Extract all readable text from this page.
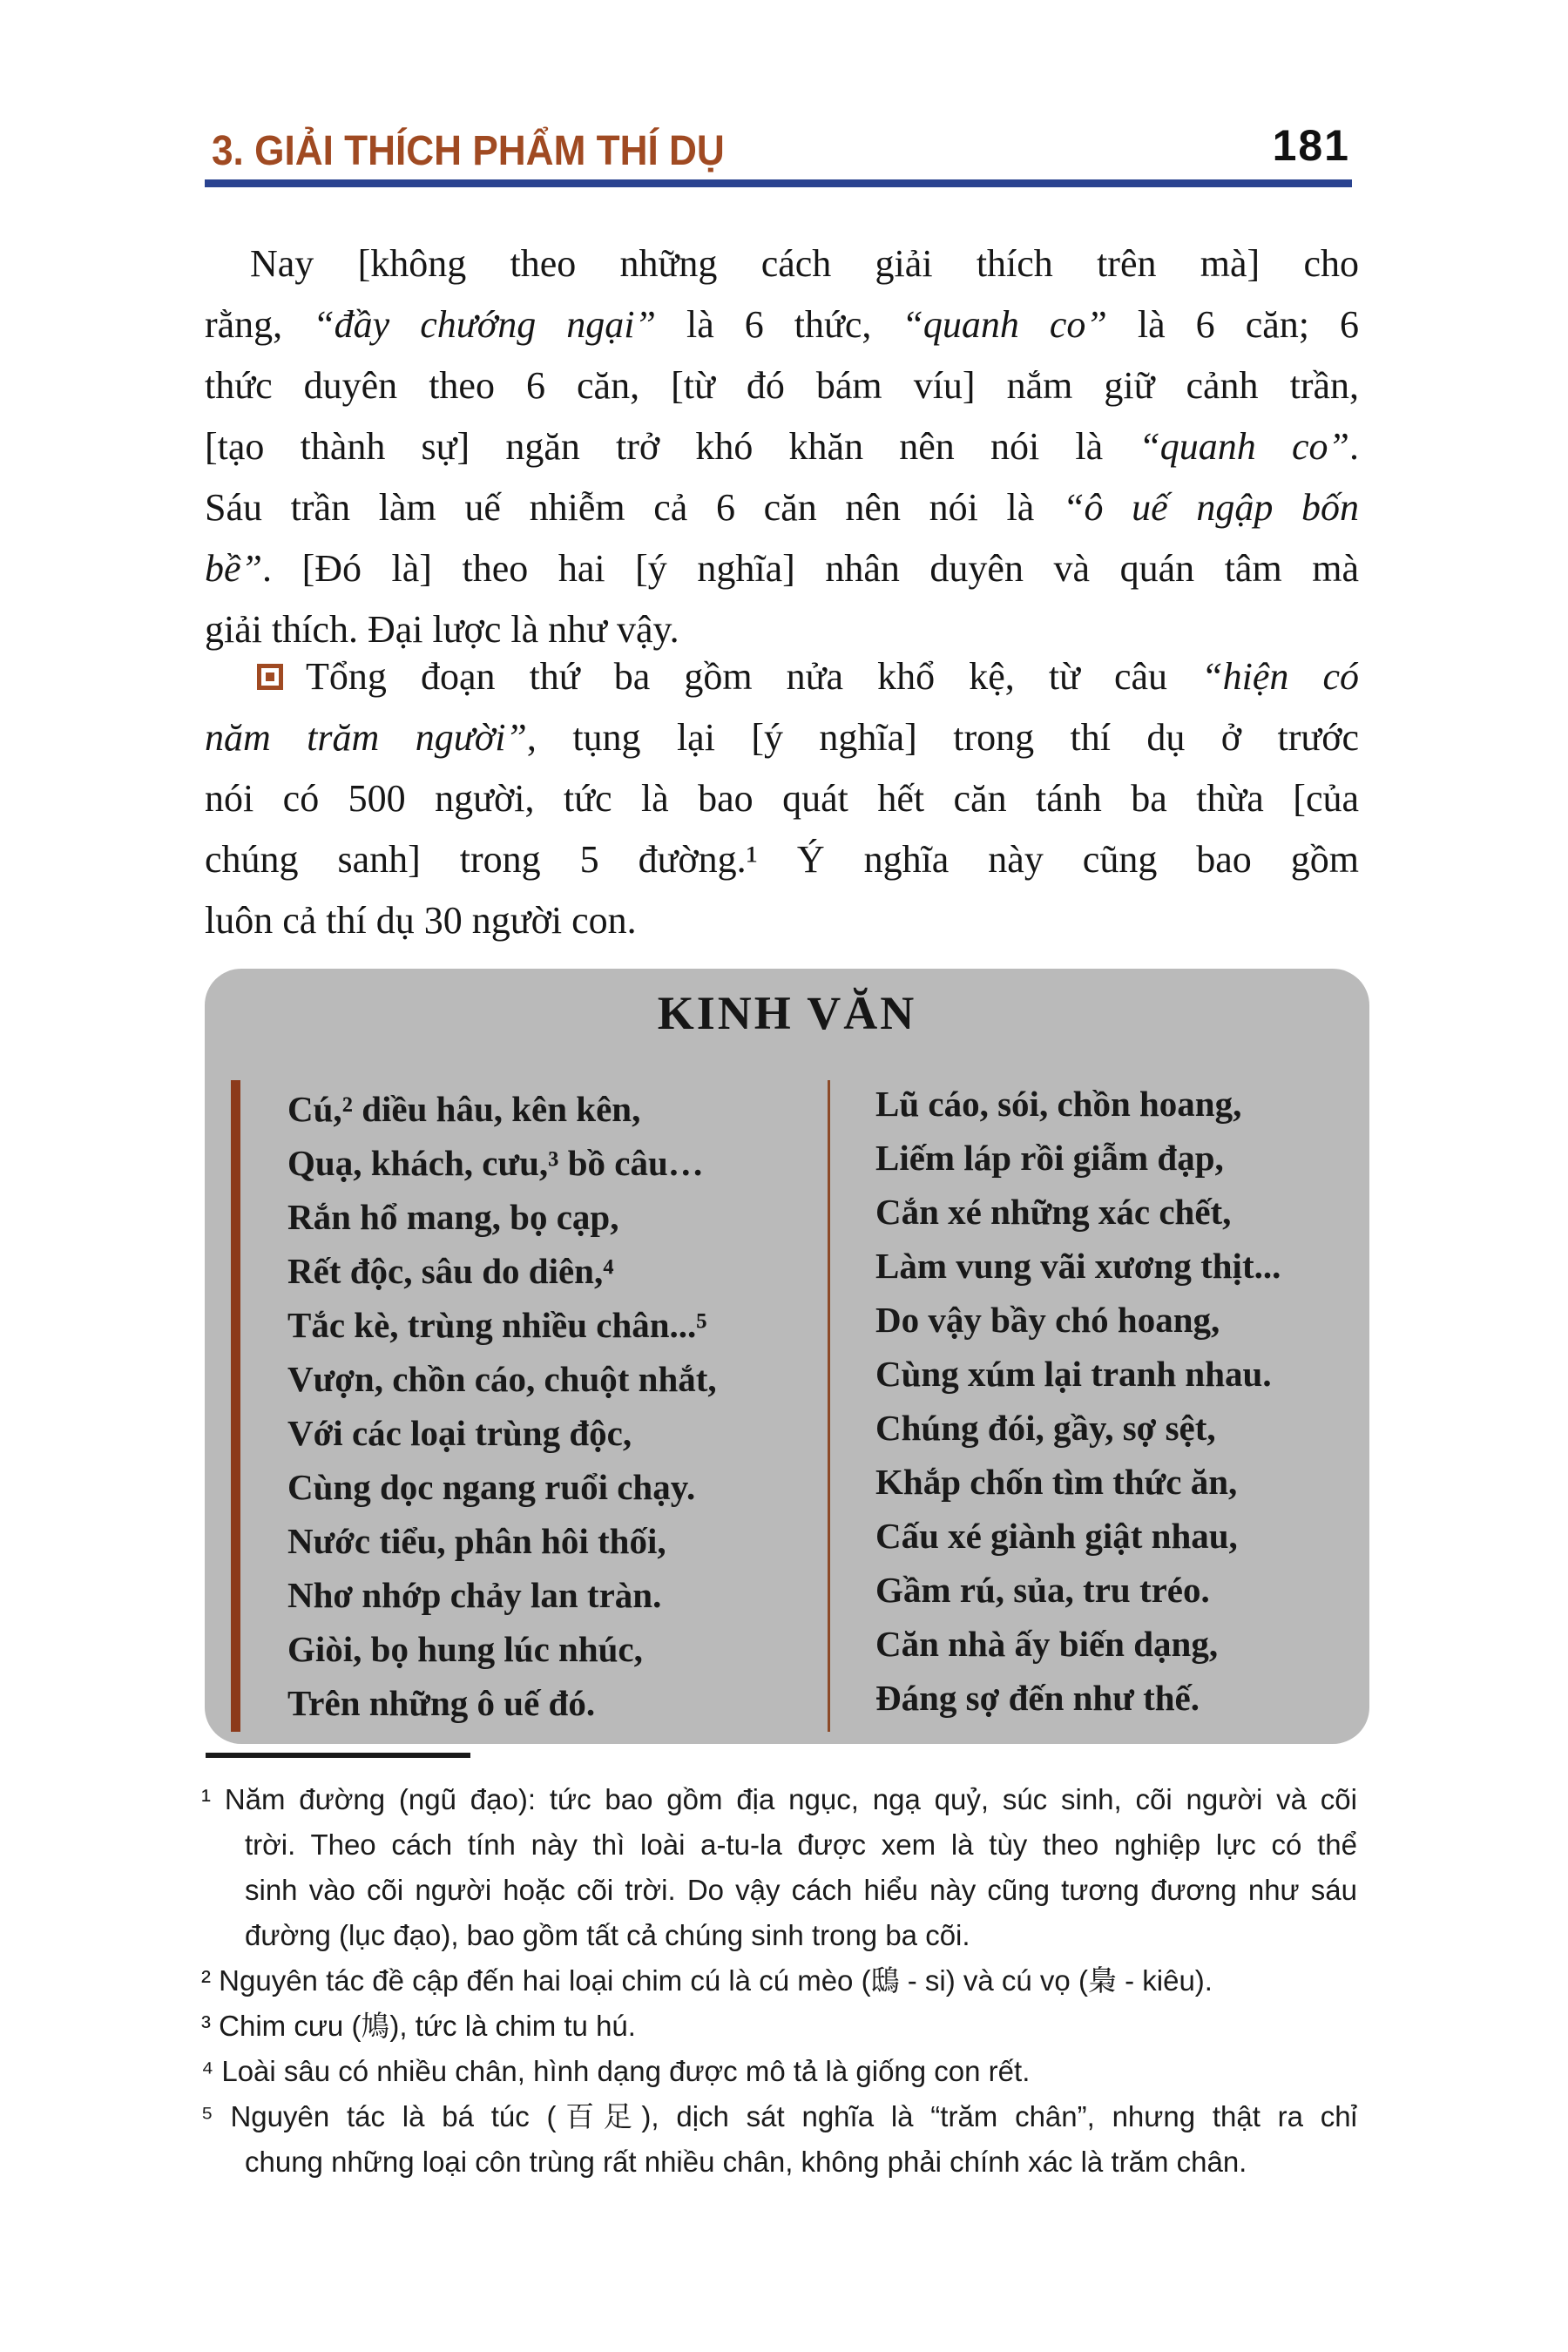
3. GIẢI THÍCH PHẨM THÍ DỤ	181
Nay [không theo những cách giải thích trên mà] cho
rằng, “đầy chướng ngại” là 6 thức, “quanh co” là 6 căn; 6
thức duyên theo 6 căn, [từ đó bám víu] nắm giữ cảnh trần,
[tạo thành sự] ngăn trở khó khăn nên nói là “quanh co”.
Sáu trần làm uế nhiễm cả 6 căn nên nói là “ô uế ngập bốn
bề”. [Đó là] theo hai [ý nghĩa] nhân duyên và quán tâm mà
giải thích. Đại lược là như vậy.
Tổng đoạn thứ ba gồm nửa khổ kệ, từ câu “hiện có
năm trăm người”, tụng lại [ý nghĩa] trong thí dụ ở trước
nói có 500 người, tức là bao quát hết căn tánh ba thừa [của
chúng sanh] trong 5 đường.¹ Ý nghĩa này cũng bao gồm
luôn cả thí dụ 30 người con.
KINH VĂN
Cú,² diều hâu, kên kên,
Quạ, khách, cưu,³ bồ câu…
Rắn hổ mang, bọ cạp,
Rết độc, sâu do diên,⁴
Tắc kè, trùng nhiều chân...⁵
Vượn, chồn cáo, chuột nhắt,
Với các loại trùng độc,
Cùng dọc ngang ruổi chạy.
Nước tiểu, phân hôi thối,
Nhơ nhớp chảy lan tràn.
Giòi, bọ hung lúc nhúc,
Trên những ô uế đó.
Lũ cáo, sói, chồn hoang,
Liếm láp rồi giẫm đạp,
Cắn xé những xác chết,
Làm vung vãi xương thịt...
Do vậy bầy chó hoang,
Cùng xúm lại tranh nhau.
Chúng đói, gầy, sợ sệt,
Khắp chốn tìm thức ăn,
Cấu xé giành giật nhau,
Gầm rú, sủa, tru tréo.
Căn nhà ấy biến dạng,
Đáng sợ đến như thế.
¹ Năm đường (ngũ đạo): tức bao gồm địa ngục, ngạ quỷ, súc sinh, cõi người và cõi
trời. Theo cách tính này thì loài a-tu-la được xem là tùy theo nghiệp lực có thể
sinh vào cõi người hoặc cõi trời. Do vậy cách hiểu này cũng tương đương như sáu
đường (lục đạo), bao gồm tất cả chúng sinh trong ba cõi.
² Nguyên tác đề cập đến hai loại chim cú là cú mèo (鴟 - si) và cú vọ (梟 - kiêu).
³ Chim cưu (鳩), tức là chim tu hú.
⁴ Loài sâu có nhiều chân, hình dạng được mô tả là giống con rết.
⁵ Nguyên tác là bá túc (百足), dịch sát nghĩa là “trăm chân”, nhưng thật ra chỉ
chung những loại côn trùng rất nhiều chân, không phải chính xác là trăm chân.
